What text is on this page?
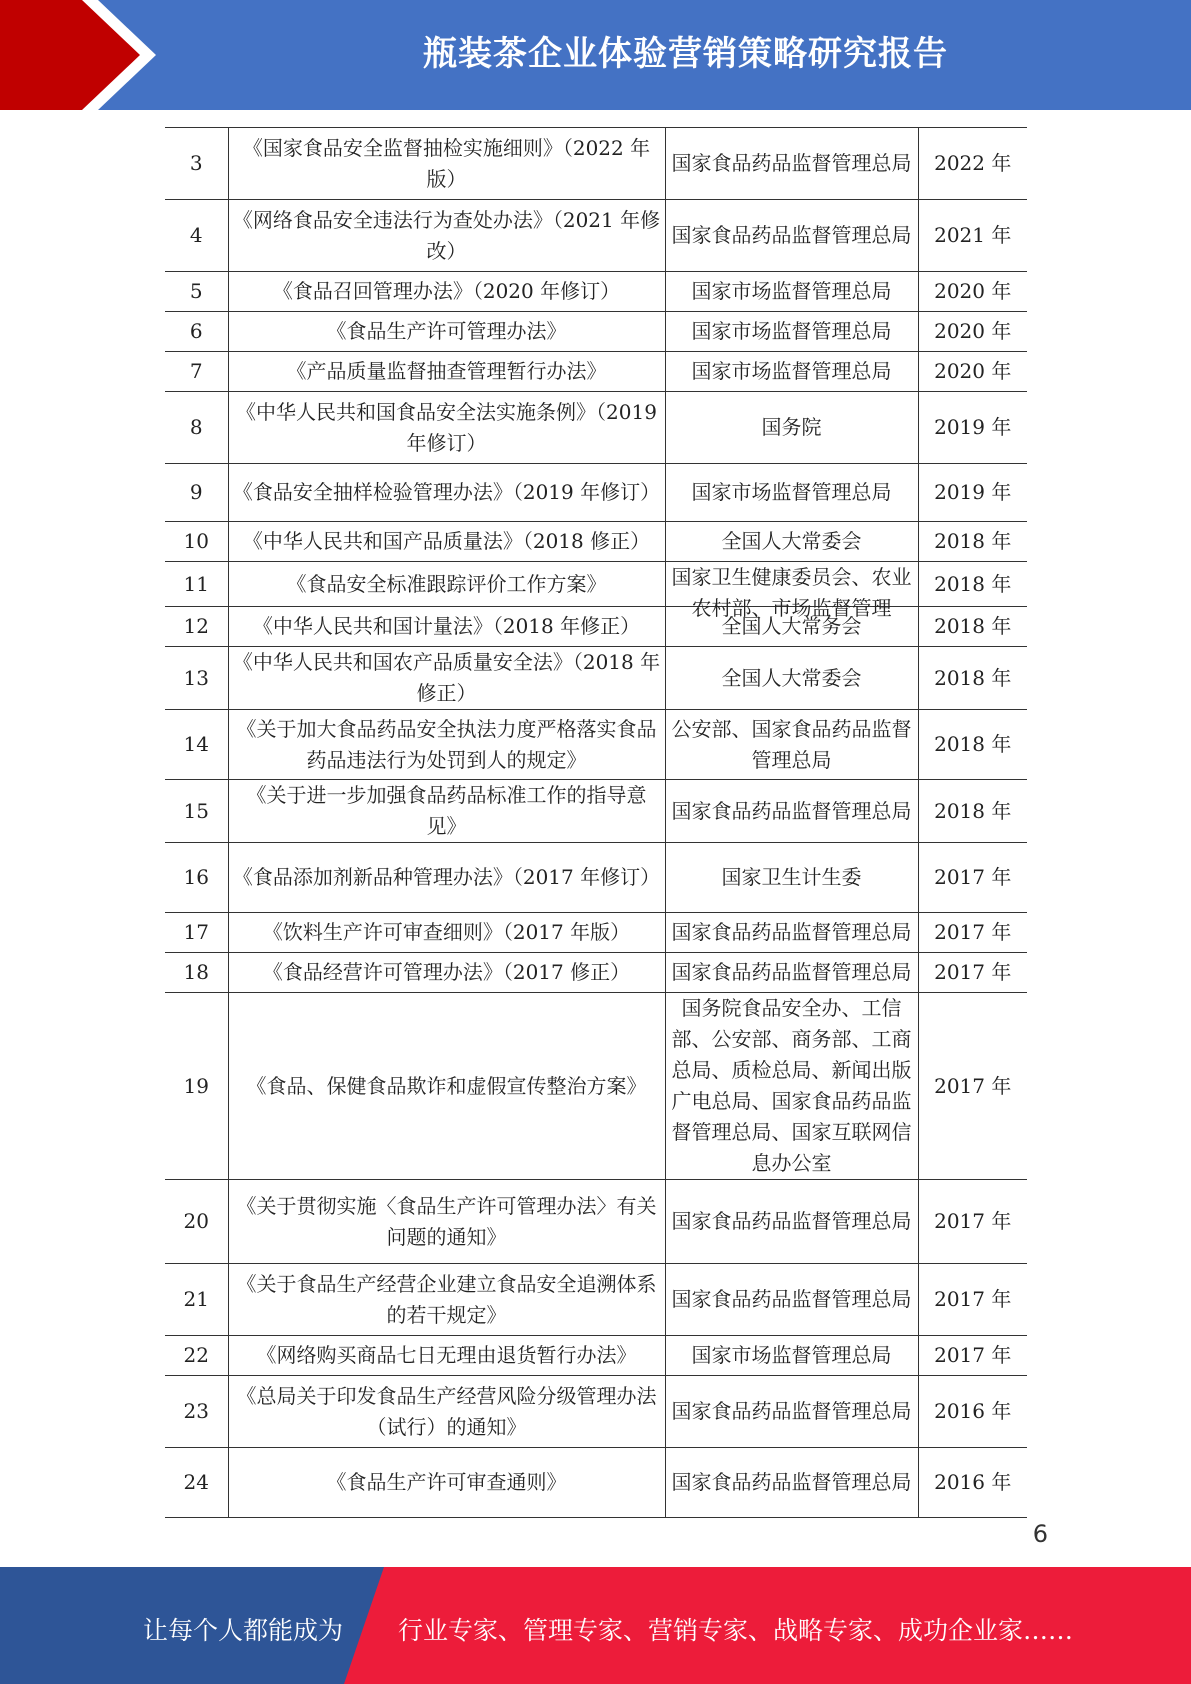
瓶装茶企业体验营销策略研究报告
3	《国家食品安全监督抽检实施细则》（2022 年版）	国家食品药品监督管理总局	2022 年

4	《网络食品安全违法行为查处办法》（2021 年修改）	国家食品药品监督管理总局	2021 年

5	《食品召回管理办法》（2020 年修订）	国家市场监督管理总局	2020 年

6	《食品生产许可管理办法》	国家市场监督管理总局	2020 年

7	《产品质量监督抽查管理暂行办法》	国家市场监督管理总局	2020 年

8	《中华人民共和国食品安全法实施条例》（2019 年修订）	国务院	2019 年

9	《食品安全抽样检验管理办法》（2019 年修订）	国家市场监督管理总局	2019 年

10	《中华人民共和国产品质量法》（2018 修正）	全国人大常委会	2018 年

11	《食品安全标准跟踪评价工作方案》	国家卫生健康委员会、农业农村部、市场监督管理	2018 年

12	《中华人民共和国计量法》（2018 年修正）	全国人大常务会	2018 年

13	《中华人民共和国农产品质量安全法》（2018 年修正）	全国人大常委会	2018 年

14	《关于加大食品药品安全执法力度严格落实食品药品违法行为处罚到人的规定》	公安部、国家食品药品监督管理总局	2018 年

15	《关于进一步加强食品药品标准工作的指导意见》	国家食品药品监督管理总局	2018 年

16	《食品添加剂新品种管理办法》（2017 年修订）	国家卫生计生委	2017 年

17	《饮料生产许可审查细则》（2017 年版）	国家食品药品监督管理总局	2017 年

18	《食品经营许可管理办法》（2017 修正）	国家食品药品监督管理总局	2017 年

19	《食品、保健食品欺诈和虚假宣传整治方案》	国务院食品安全办、工信部、公安部、商务部、工商总局、质检总局、新闻出版广电总局、国家食品药品监督管理总局、国家互联网信息办公室	2017 年

20	《关于贯彻实施〈食品生产许可管理办法〉有关问题的通知》	国家食品药品监督管理总局	2017 年

21	《关于食品生产经营企业建立食品安全追溯体系的若干规定》	国家食品药品监督管理总局	2017 年

22	《网络购买商品七日无理由退货暂行办法》	国家市场监督管理总局	2017 年

23	《总局关于印发食品生产经营风险分级管理办法（试行）的通知》	国家食品药品监督管理总局	2016 年

24	《食品生产许可审查通则》	国家食品药品监督管理总局	2016 年
6
让每个人都能成为 行业专家、管理专家、营销专家、战略专家、成功企业家……
